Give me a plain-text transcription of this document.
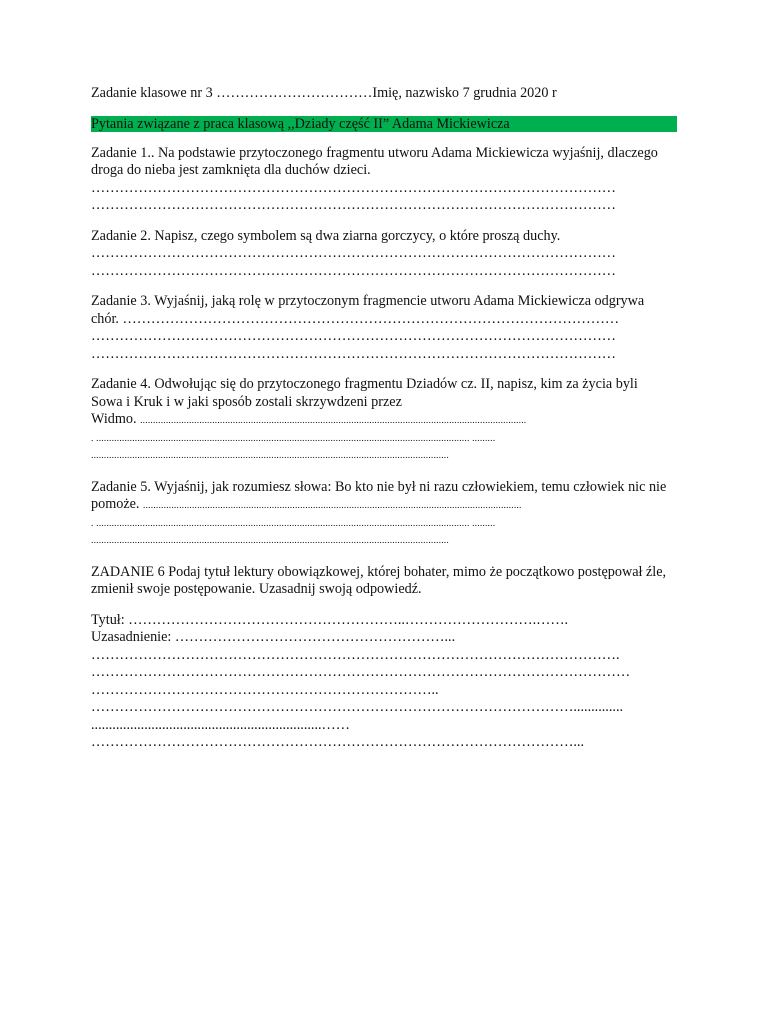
Zadanie klasowe nr 3 ……………………………Imię, nazwisko 7 grudnia 2020 r
Pytania związane z praca klasową ,,Dziady część II” Adama Mickiewicza
Zadanie 1.. Na podstawie przytoczonego fragmentu utworu Adama Mickiewicza wyjaśnij, dlaczego
droga do nieba jest zamknięta dla duchów dzieci.
…………………………………………………………………………………………………
…………………………………………………………………………………………………
Zadanie 2. Napisz, czego symbolem są dwa ziarna gorczycy, o które proszą duchy.
…………………………………………………………………………………………………
…………………………………………………………………………………………………
Zadanie 3. Wyjaśnij, jaką rolę w przytoczonym fragmencie utworu Adama Mickiewicza odgrywa
chór. ……………………………………………………………………………………………
…………………………………………………………………………………………………
…………………………………………………………………………………………………
Zadanie 4. Odwołując się do przytoczonego fragmentu Dziadów cz. II, napisz, kim za życia byli
Sowa i Kruk i w jaki sposób zostali skrzywdzeni przez
Widmo. ......................................................................................................................................................
. ................................................................................................................................................. .........
...........................................................................................................................................
Zadanie 5. Wyjaśnij, jak rozumiesz słowa: Bo kto nie był ni razu człowiekiem, temu człowiek nic nie
pomoże. ...................................................................................................................................................
. ................................................................................................................................................. .........
...........................................................................................................................................
ZADANIE 6 Podaj tytuł lektury obowiązkowej, której bohater, mimo że początkowo postępował źle,
zmienił swoje postępowanie. Uzasadnij swoją odpowiedź.
Tytuł: …………………………………………………..……………………….…….
Uzasadnienie: …………………………………………………...
………………………………………………………………………………………………….
……………………………………………………………………………………………………
………………………………………………………………..
…………………………………………………………………………………………..............
.................................................................……
…………………………………………………………………………………………...
